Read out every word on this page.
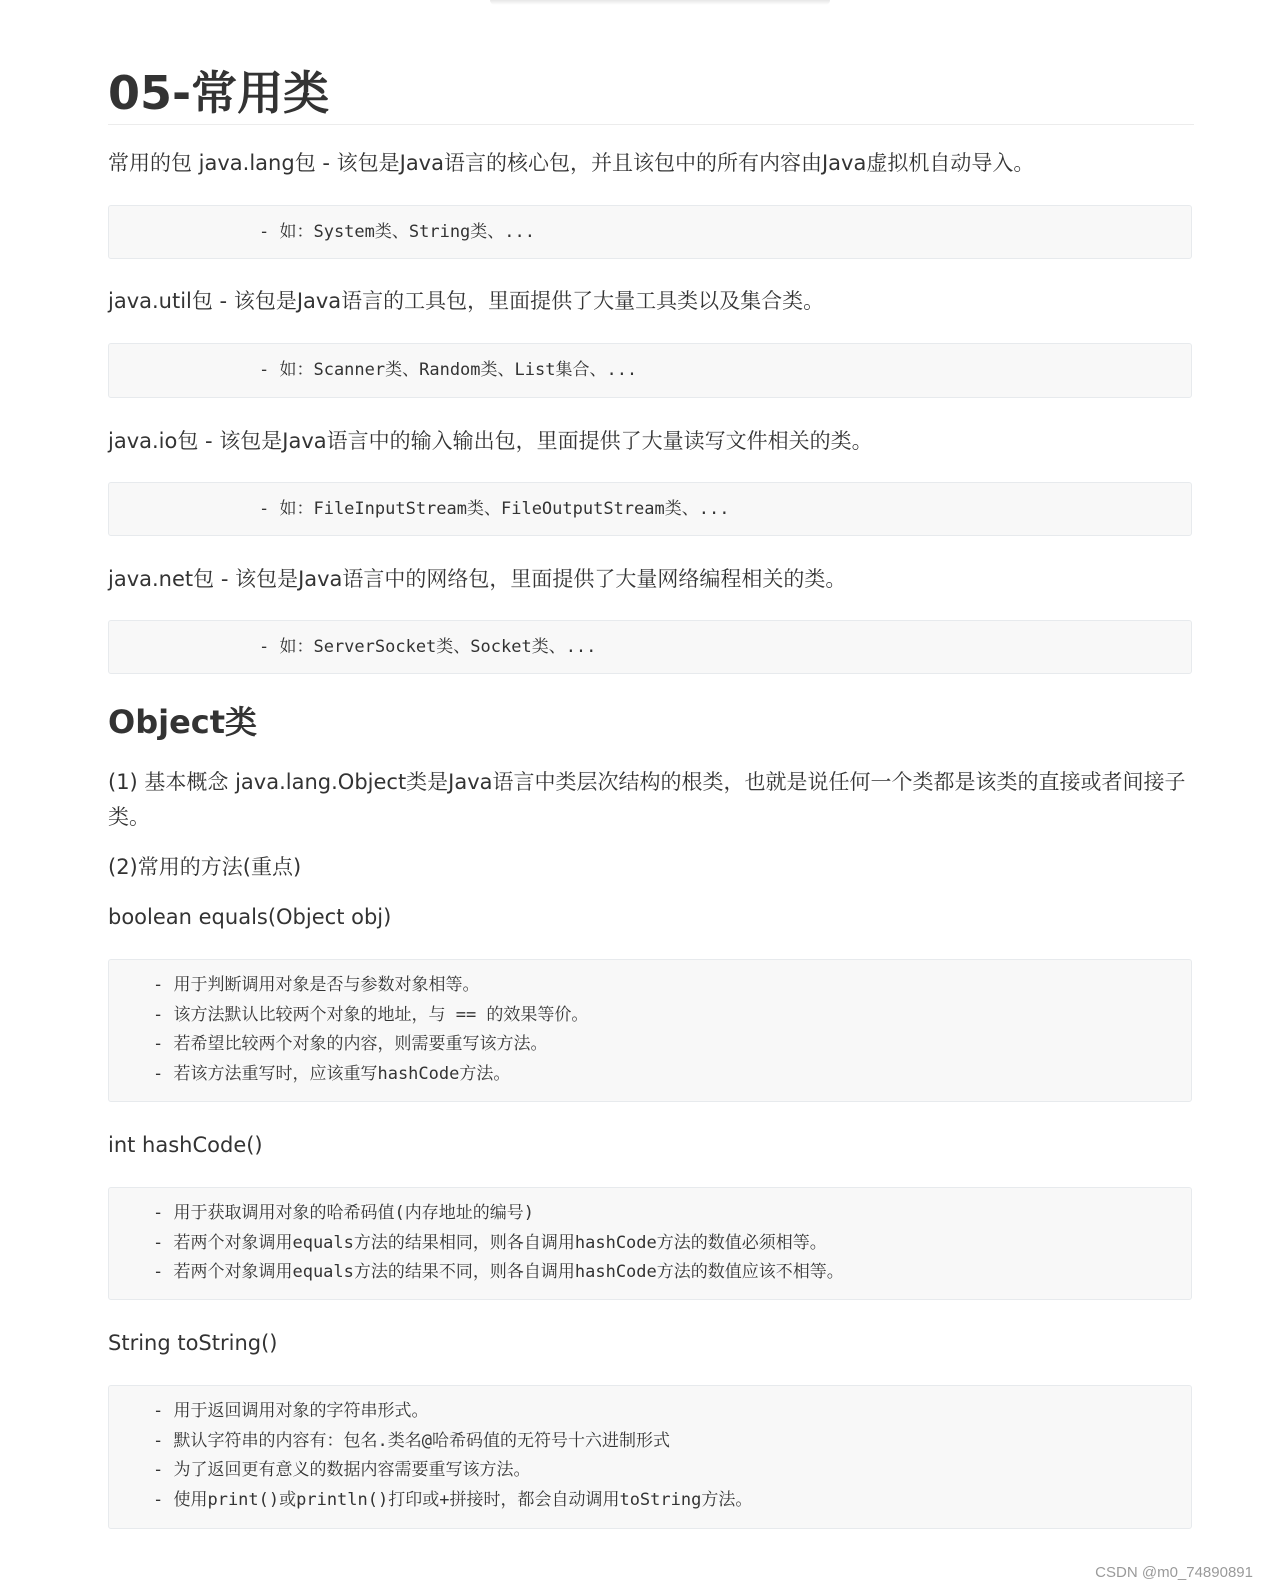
05-常用类

常用的包 java.lang包 - 该包是Java语言的核心包，并且该包中的所有内容由Java虚拟机自动导入。

- 如：System类、String类、...

java.util包 - 该包是Java语言的工具包，里面提供了大量工具类以及集合类。

- 如：Scanner类、Random类、List集合、...

java.io包 - 该包是Java语言中的输入输出包，里面提供了大量读写文件相关的类。

- 如：FileInputStream类、FileOutputStream类、...

java.net包 - 该包是Java语言中的网络包，里面提供了大量网络编程相关的类。

- 如：ServerSocket类、Socket类、...
Object类

(1) 基本概念 java.lang.Object类是Java语言中类层次结构的根类，也就是说任何一个类都是该类的直接或者间接子

类。

(2)常用的方法(重点)

boolean equals(Object obj)

- 用于判断调用对象是否与参数对象相等。
- 该方法默认比较两个对象的地址，与 == 的效果等价。
- 若希望比较两个对象的内容，则需要重写该方法。
- 若该方法重写时，应该重写hashCode方法。

int hashCode()

- 用于获取调用对象的哈希码值(内存地址的编号)
- 若两个对象调用equals方法的结果相同，则各自调用hashCode方法的数值必须相等。
- 若两个对象调用equals方法的结果不同，则各自调用hashCode方法的数值应该不相等。

String toString()

- 用于返回调用对象的字符串形式。
- 默认字符串的内容有：包名.类名@哈希码值的无符号十六进制形式
- 为了返回更有意义的数据内容需要重写该方法。
- 使用print()或println()打印或+拼接时，都会自动调用toString方法。
CSDN @m0_74890891
